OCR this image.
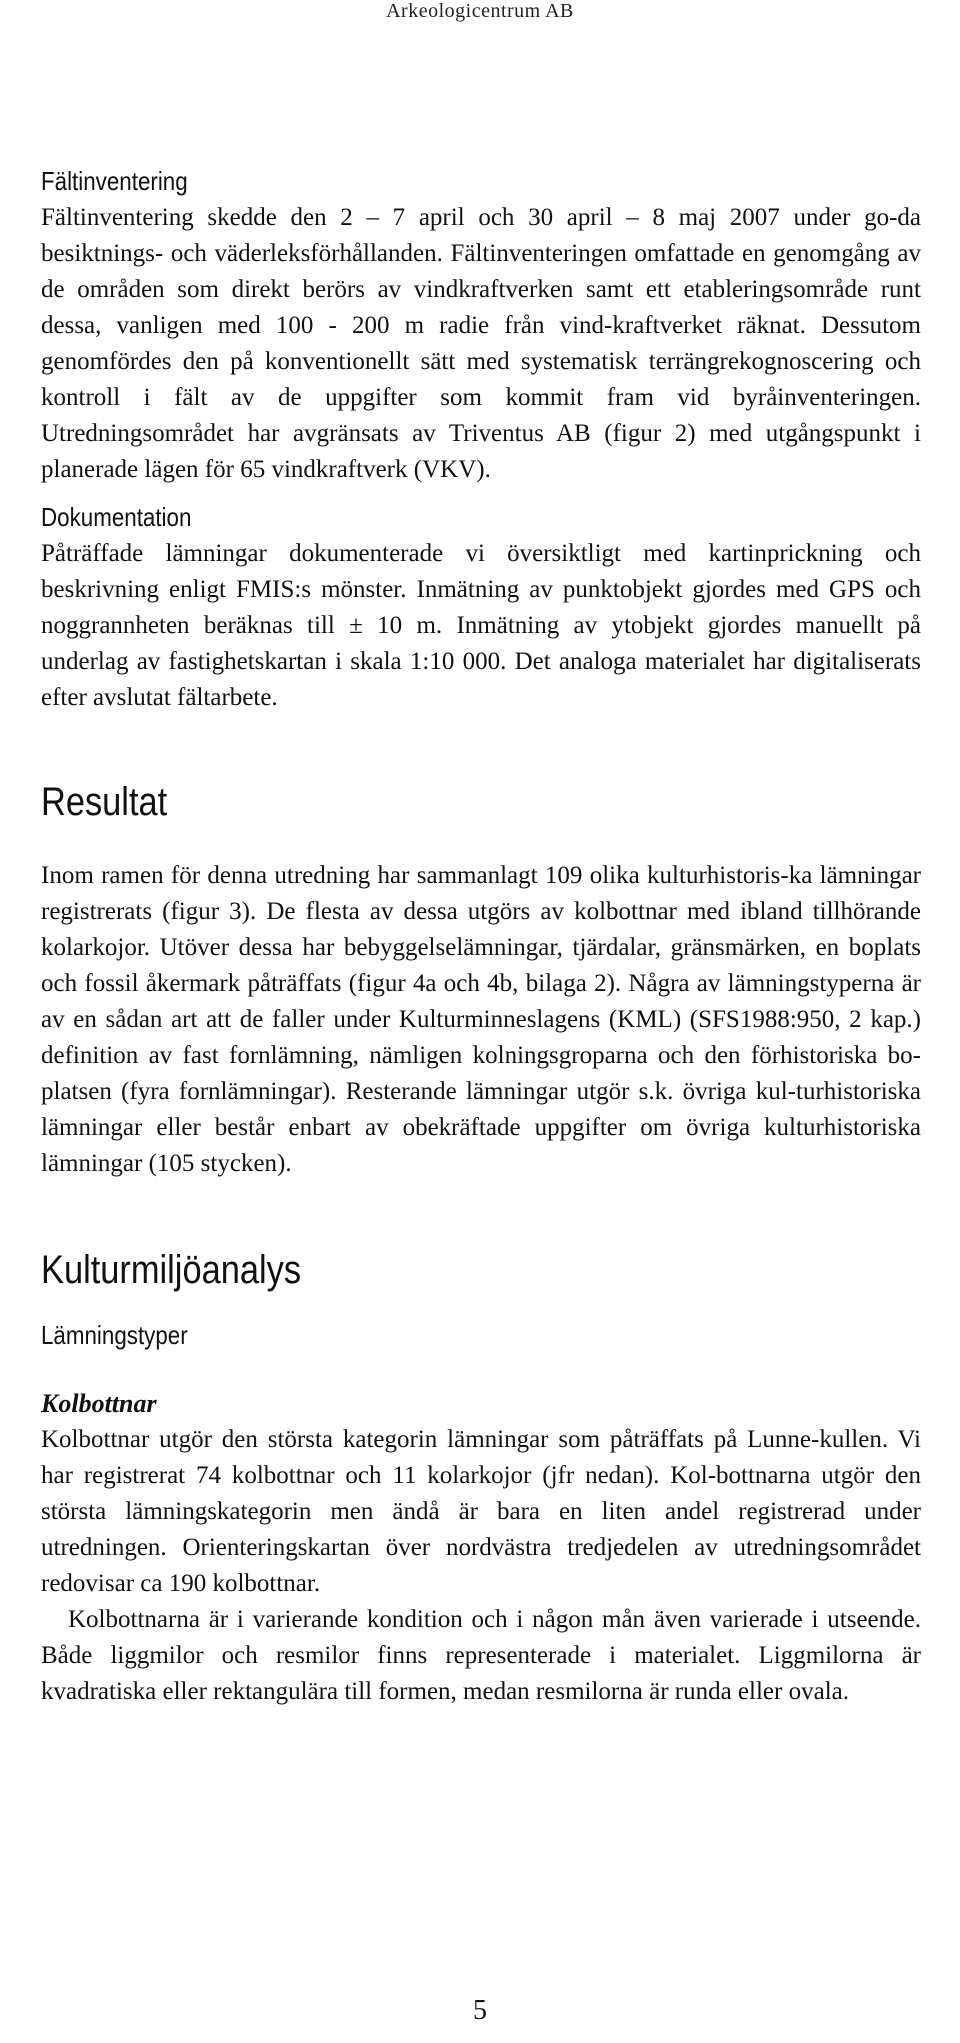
Arkeologicentrum AB
Fältinventering

Fältinventering skedde den 2 – 7 april och 30 april – 8 maj 2007 under go-da besiktnings- och väderleksförhållanden. Fältinventeringen omfattade en genomgång av de områden som direkt berörs av vindkraftverken samt ett etableringsområde runt dessa, vanligen med 100 - 200 m radie från vind-kraftverket räknat. Dessutom genomfördes den på konventionellt sätt med systematisk terrängrekognoscering och kontroll i fält av de uppgifter som kommit fram vid byråinventeringen. Utredningsområdet har avgränsats av Triventus AB (figur 2) med utgångspunkt i planerade lägen för 65 vindkraftverk (VKV).

Dokumentation

Påträffade lämningar dokumenterade vi översiktligt med kartinprickning och beskrivning enligt FMIS:s mönster. Inmätning av punktobjekt gjordes med GPS och noggrannheten beräknas till ± 10 m. Inmätning av ytobjekt gjordes manuellt på underlag av fastighetskartan i skala 1:10 000. Det analoga materialet har digitaliserats efter avslutat fältarbete.

Resultat

Inom ramen för denna utredning har sammanlagt 109 olika kulturhistoris-ka lämningar registrerats (figur 3). De flesta av dessa utgörs av kolbottnar med ibland tillhörande kolarkojor. Utöver dessa har bebyggelselämningar, tjärdalar, gränsmärken, en boplats och fossil åkermark påträffats (figur 4a och 4b, bilaga 2). Några av lämningstyperna är av en sådan art att de faller under Kulturminneslagens (KML) (SFS1988:950, 2 kap.) definition av fast fornlämning, nämligen kolningsgroparna och den förhistoriska bo-platsen (fyra fornlämningar). Resterande lämningar utgör s.k. övriga kul-turhistoriska lämningar eller består enbart av obekräftade uppgifter om övriga kulturhistoriska lämningar (105 stycken).

Kulturmiljöanalys
Lämningstyper
Kolbottnar

Kolbottnar utgör den största kategorin lämningar som påträffats på Lunne-kullen. Vi har registrerat 74 kolbottnar och 11 kolarkojor (jfr nedan). Kol-bottnarna utgör den största lämningskategorin men ändå är bara en liten andel registrerad under utredningen. Orienteringskartan över nordvästra tredjedelen av utredningsområdet redovisar ca 190 kolbottnar.

Kolbottnarna är i varierande kondition och i någon mån även varierade i utseende. Både liggmilor och resmilor finns representerade i materialet. Liggmilorna är kvadratiska eller rektangulära till formen, medan resmilorna är runda eller ovala.

5
